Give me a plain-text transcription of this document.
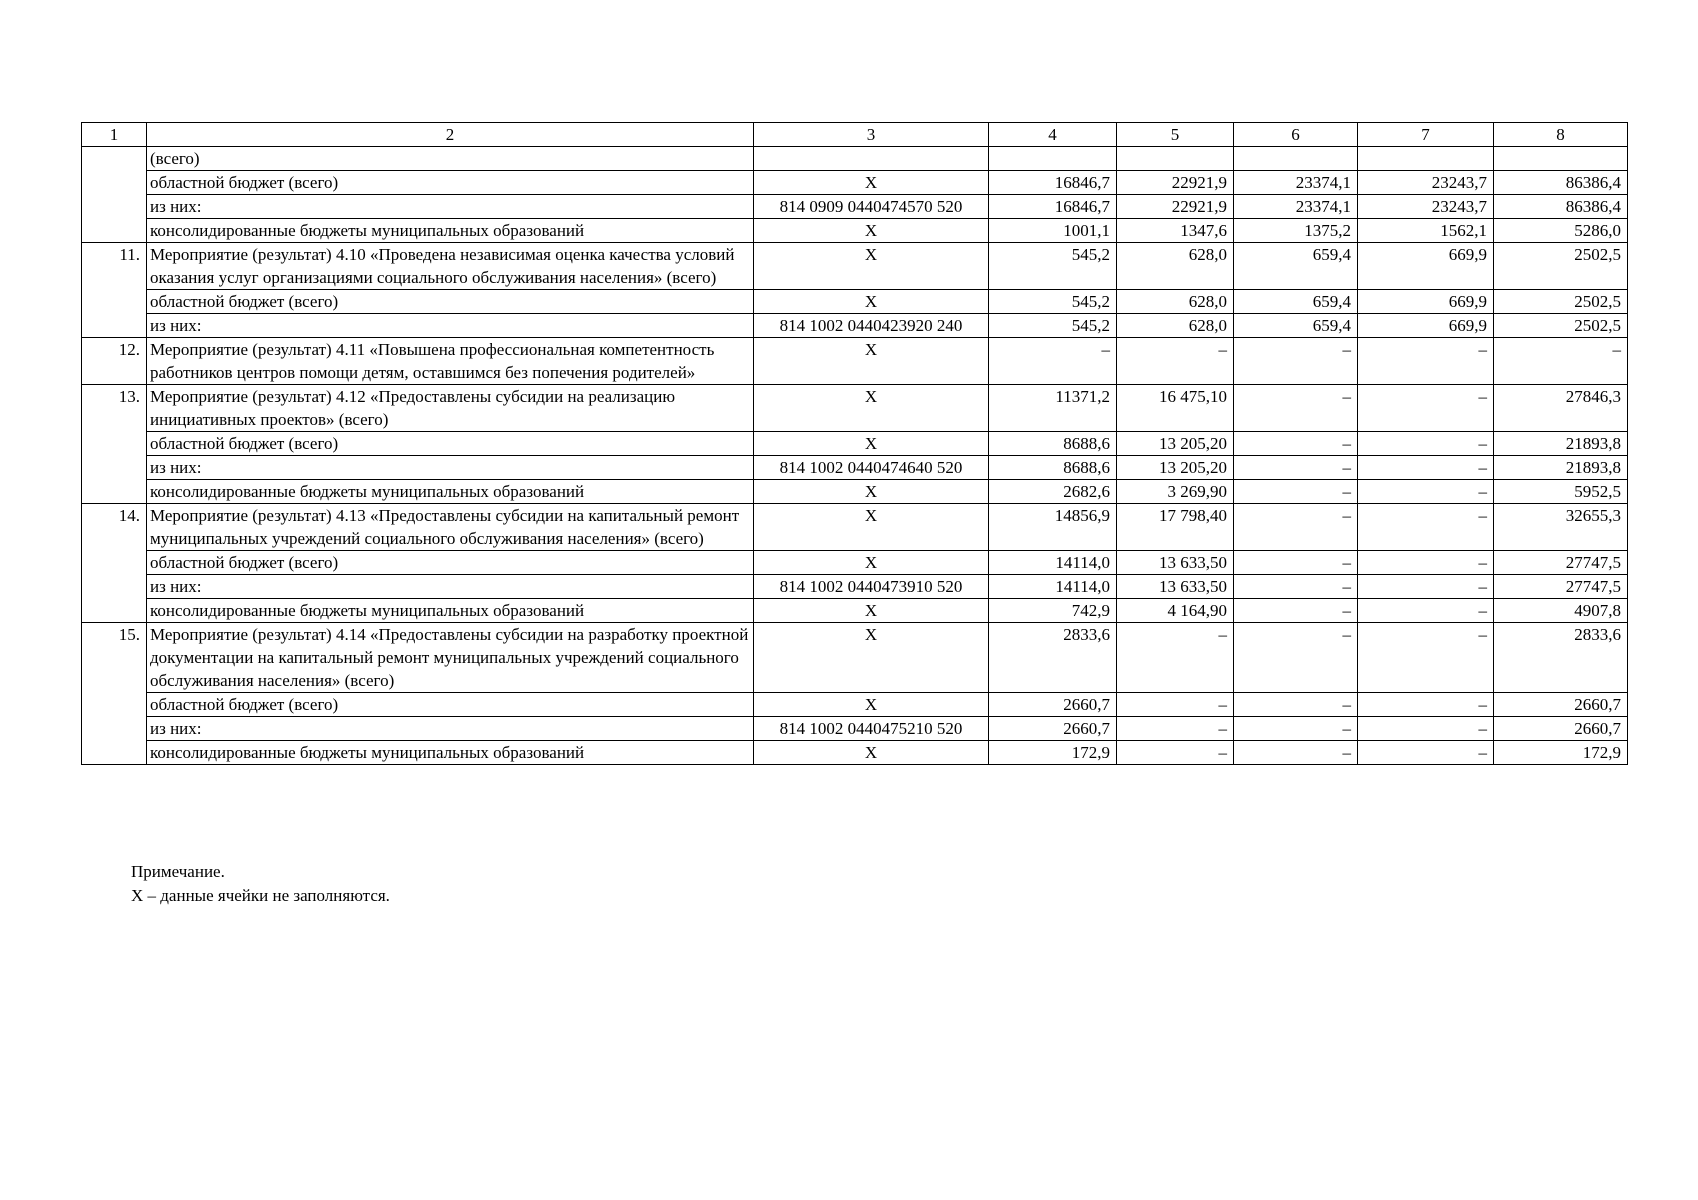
1	2	3	4	5	6	7	8
	(всего)						
	областной бюджет (всего)	Х	16846,7	22921,9	23374,1	23243,7	86386,4
	из них:	814 0909 0440474570 520	16846,7	22921,9	23374,1	23243,7	86386,4
	консолидированные бюджеты муниципальных образований	Х	1001,1	1347,6	1375,2	1562,1	5286,0
11.	Мероприятие (результат) 4.10 «Проведена независимая оценка качества условий оказания услуг организациями социального обслуживания населения» (всего)	Х	545,2	628,0	659,4	669,9	2502,5
	областной бюджет (всего)	Х	545,2	628,0	659,4	669,9	2502,5
	из них:	814 1002 0440423920 240	545,2	628,0	659,4	669,9	2502,5
12.	Мероприятие (результат) 4.11 «Повышена профессиональная компетентность работников центров помощи детям, оставшимся без попечения родителей»	Х	–	–	–	–	–
13.	Мероприятие (результат) 4.12 «Предоставлены субсидии на реализацию инициативных проектов» (всего)	Х	11371,2	16 475,10	–	–	27846,3
	областной бюджет (всего)	Х	8688,6	13 205,20	–	–	21893,8
	из них:	814 1002 0440474640 520	8688,6	13 205,20	–	–	21893,8
	консолидированные бюджеты муниципальных образований	Х	2682,6	3 269,90	–	–	5952,5
14.	Мероприятие (результат) 4.13 «Предоставлены субсидии на капитальный ремонт муниципальных учреждений социального обслуживания населения» (всего)	Х	14856,9	17 798,40	–	–	32655,3
	областной бюджет (всего)	Х	14114,0	13 633,50	–	–	27747,5
	из них:	814 1002 0440473910 520	14114,0	13 633,50	–	–	27747,5
	консолидированные бюджеты муниципальных образований	Х	742,9	4 164,90	–	–	4907,8
15.	Мероприятие (результат) 4.14 «Предоставлены субсидии на разработку проектной документации на капитальный ремонт муниципальных учреждений социального обслуживания населения» (всего)	Х	2833,6	–	–	–	2833,6
	областной бюджет (всего)	Х	2660,7	–	–	–	2660,7
	из них:	814 1002 0440475210 520	2660,7	–	–	–	2660,7
	консолидированные бюджеты муниципальных образований	Х	172,9	–	–	–	172,9
Примечание.
Х – данные ячейки не заполняются.
